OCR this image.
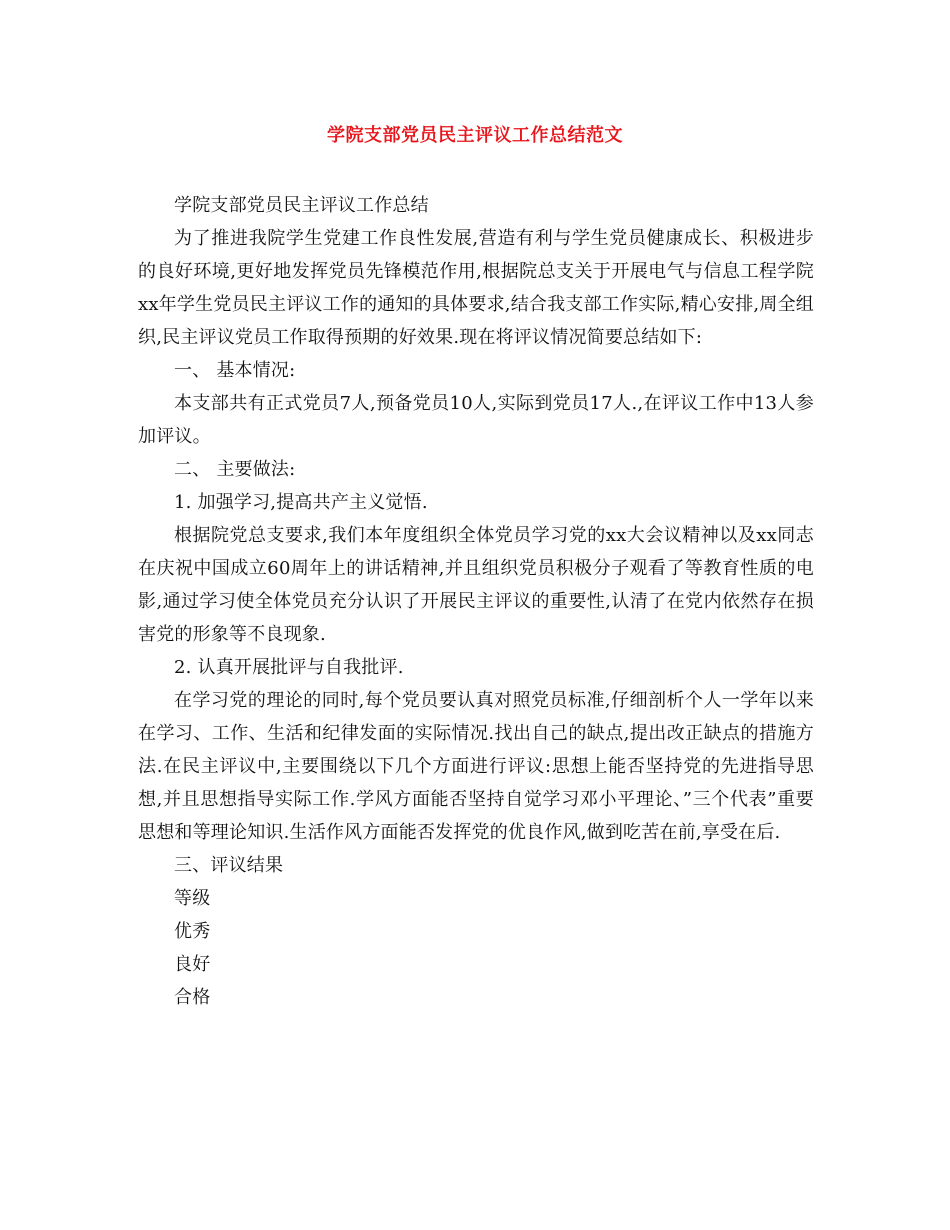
学院支部党员民主评议工作总结范文

学院支部党员民主评议工作总结

为了推进我院学生党建工作良性发展,营造有利与学生党员健康成长、积极进步的良好环境,更好地发挥党员先锋模范作用,根据院总支关于开展电气与信息工程学院xx年学生党员民主评议工作的通知的具体要求,结合我支部工作实际,精心安排,周全组织,民主评议党员工作取得预期的好效果.现在将评议情况简要总结如下:

一、 基本情况:

本支部共有正式党员7人,预备党员10人,实际到党员17人.,在评议工作中13人参加评议。

二、 主要做法:

1. 加强学习,提高共产主义觉悟.

根据院党总支要求,我们本年度组织全体党员学习党的xx大会议精神以及xx同志在庆祝中国成立60周年上的讲话精神,并且组织党员积极分子观看了等教育性质的电影,通过学习使全体党员充分认识了开展民主评议的重要性,认清了在党内依然存在损害党的形象等不良现象.

2. 认真开展批评与自我批评.

在学习党的理论的同时,每个党员要认真对照党员标准,仔细剖析个人一学年以来在学习、工作、生活和纪律发面的实际情况.找出自己的缺点,提出改正缺点的措施方法.在民主评议中,主要围绕以下几个方面进行评议:思想上能否坚持党的先进指导思想,并且思想指导实际工作.学风方面能否坚持自觉学习邓小平理论、”三个代表”重要思想和等理论知识.生活作风方面能否发挥党的优良作风,做到吃苦在前,享受在后.

三、评议结果

等级

优秀

良好

合格
